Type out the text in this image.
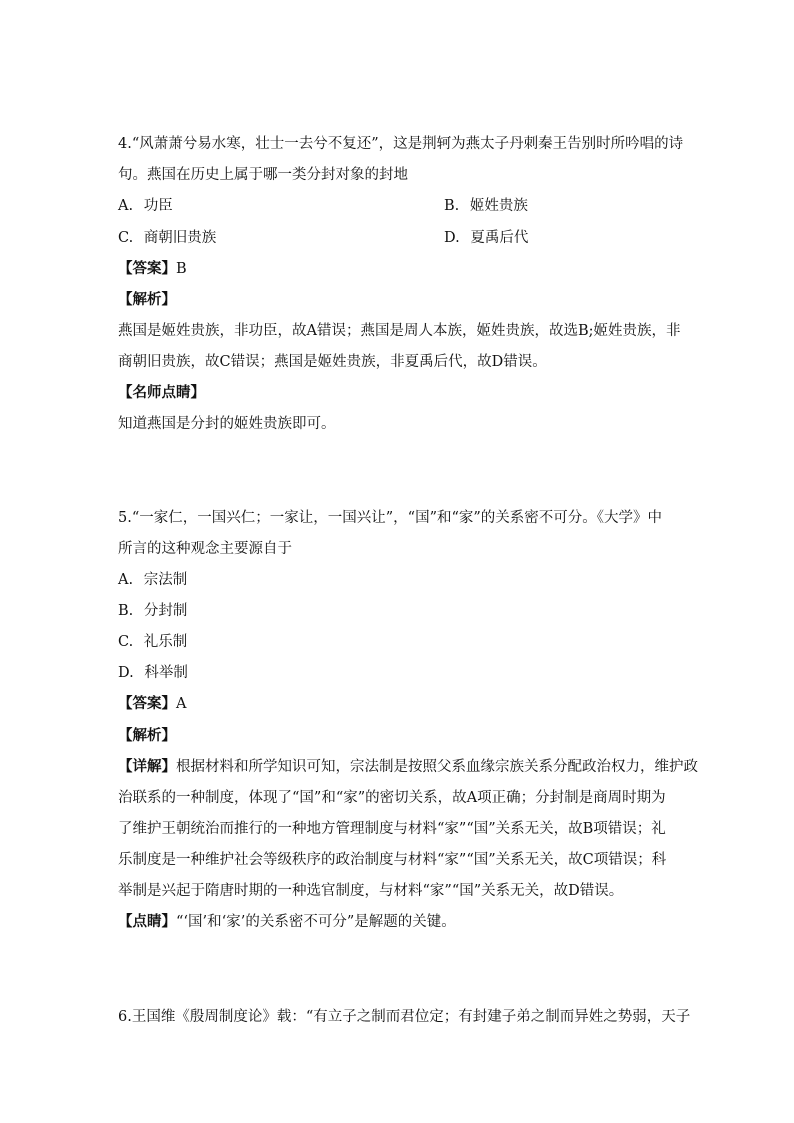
4.“风萧萧兮易水寒，壮士一去兮不复还”，这是荆轲为燕太子丹刺秦王告别时所吟唱的诗
句。燕国在历史上属于哪一类分封对象的封地
A. 功臣	B. 姬姓贵族
C. 商朝旧贵族	D. 夏禹后代
【答案】B
【解析】
燕国是姬姓贵族，非功臣，故A错误；燕国是周人本族，姬姓贵族，故选B;姬姓贵族，非
商朝旧贵族，故C错误；燕国是姬姓贵族，非夏禹后代，故D错误。
【名师点睛】
知道燕国是分封的姬姓贵族即可。
5.“一家仁，一国兴仁；一家让，一国兴让”，“国”和“家”的关系密不可分。《大学》中
所言的这种观念主要源自于
A. 宗法制
B. 分封制
C. 礼乐制
D. 科举制
【答案】A
【解析】
【详解】根据材料和所学知识可知，宗法制是按照父系血缘宗族关系分配政治权力，维护政
治联系的一种制度，体现了“国”和“家”的密切关系，故A项正确；分封制是商周时期为
了维护王朝统治而推行的一种地方管理制度与材料“家”“国”关系无关，故B项错误；礼
乐制度是一种维护社会等级秩序的政治制度与材料“家”“国”关系无关，故C项错误；科
举制是兴起于隋唐时期的一种选官制度，与材料“家”“国”关系无关，故D错误。
【点睛】“‘国’和‘家’的关系密不可分”是解题的关键。
6.王国维《殷周制度论》载：“有立子之制而君位定；有封建子弟之制而异姓之势弱，天子
